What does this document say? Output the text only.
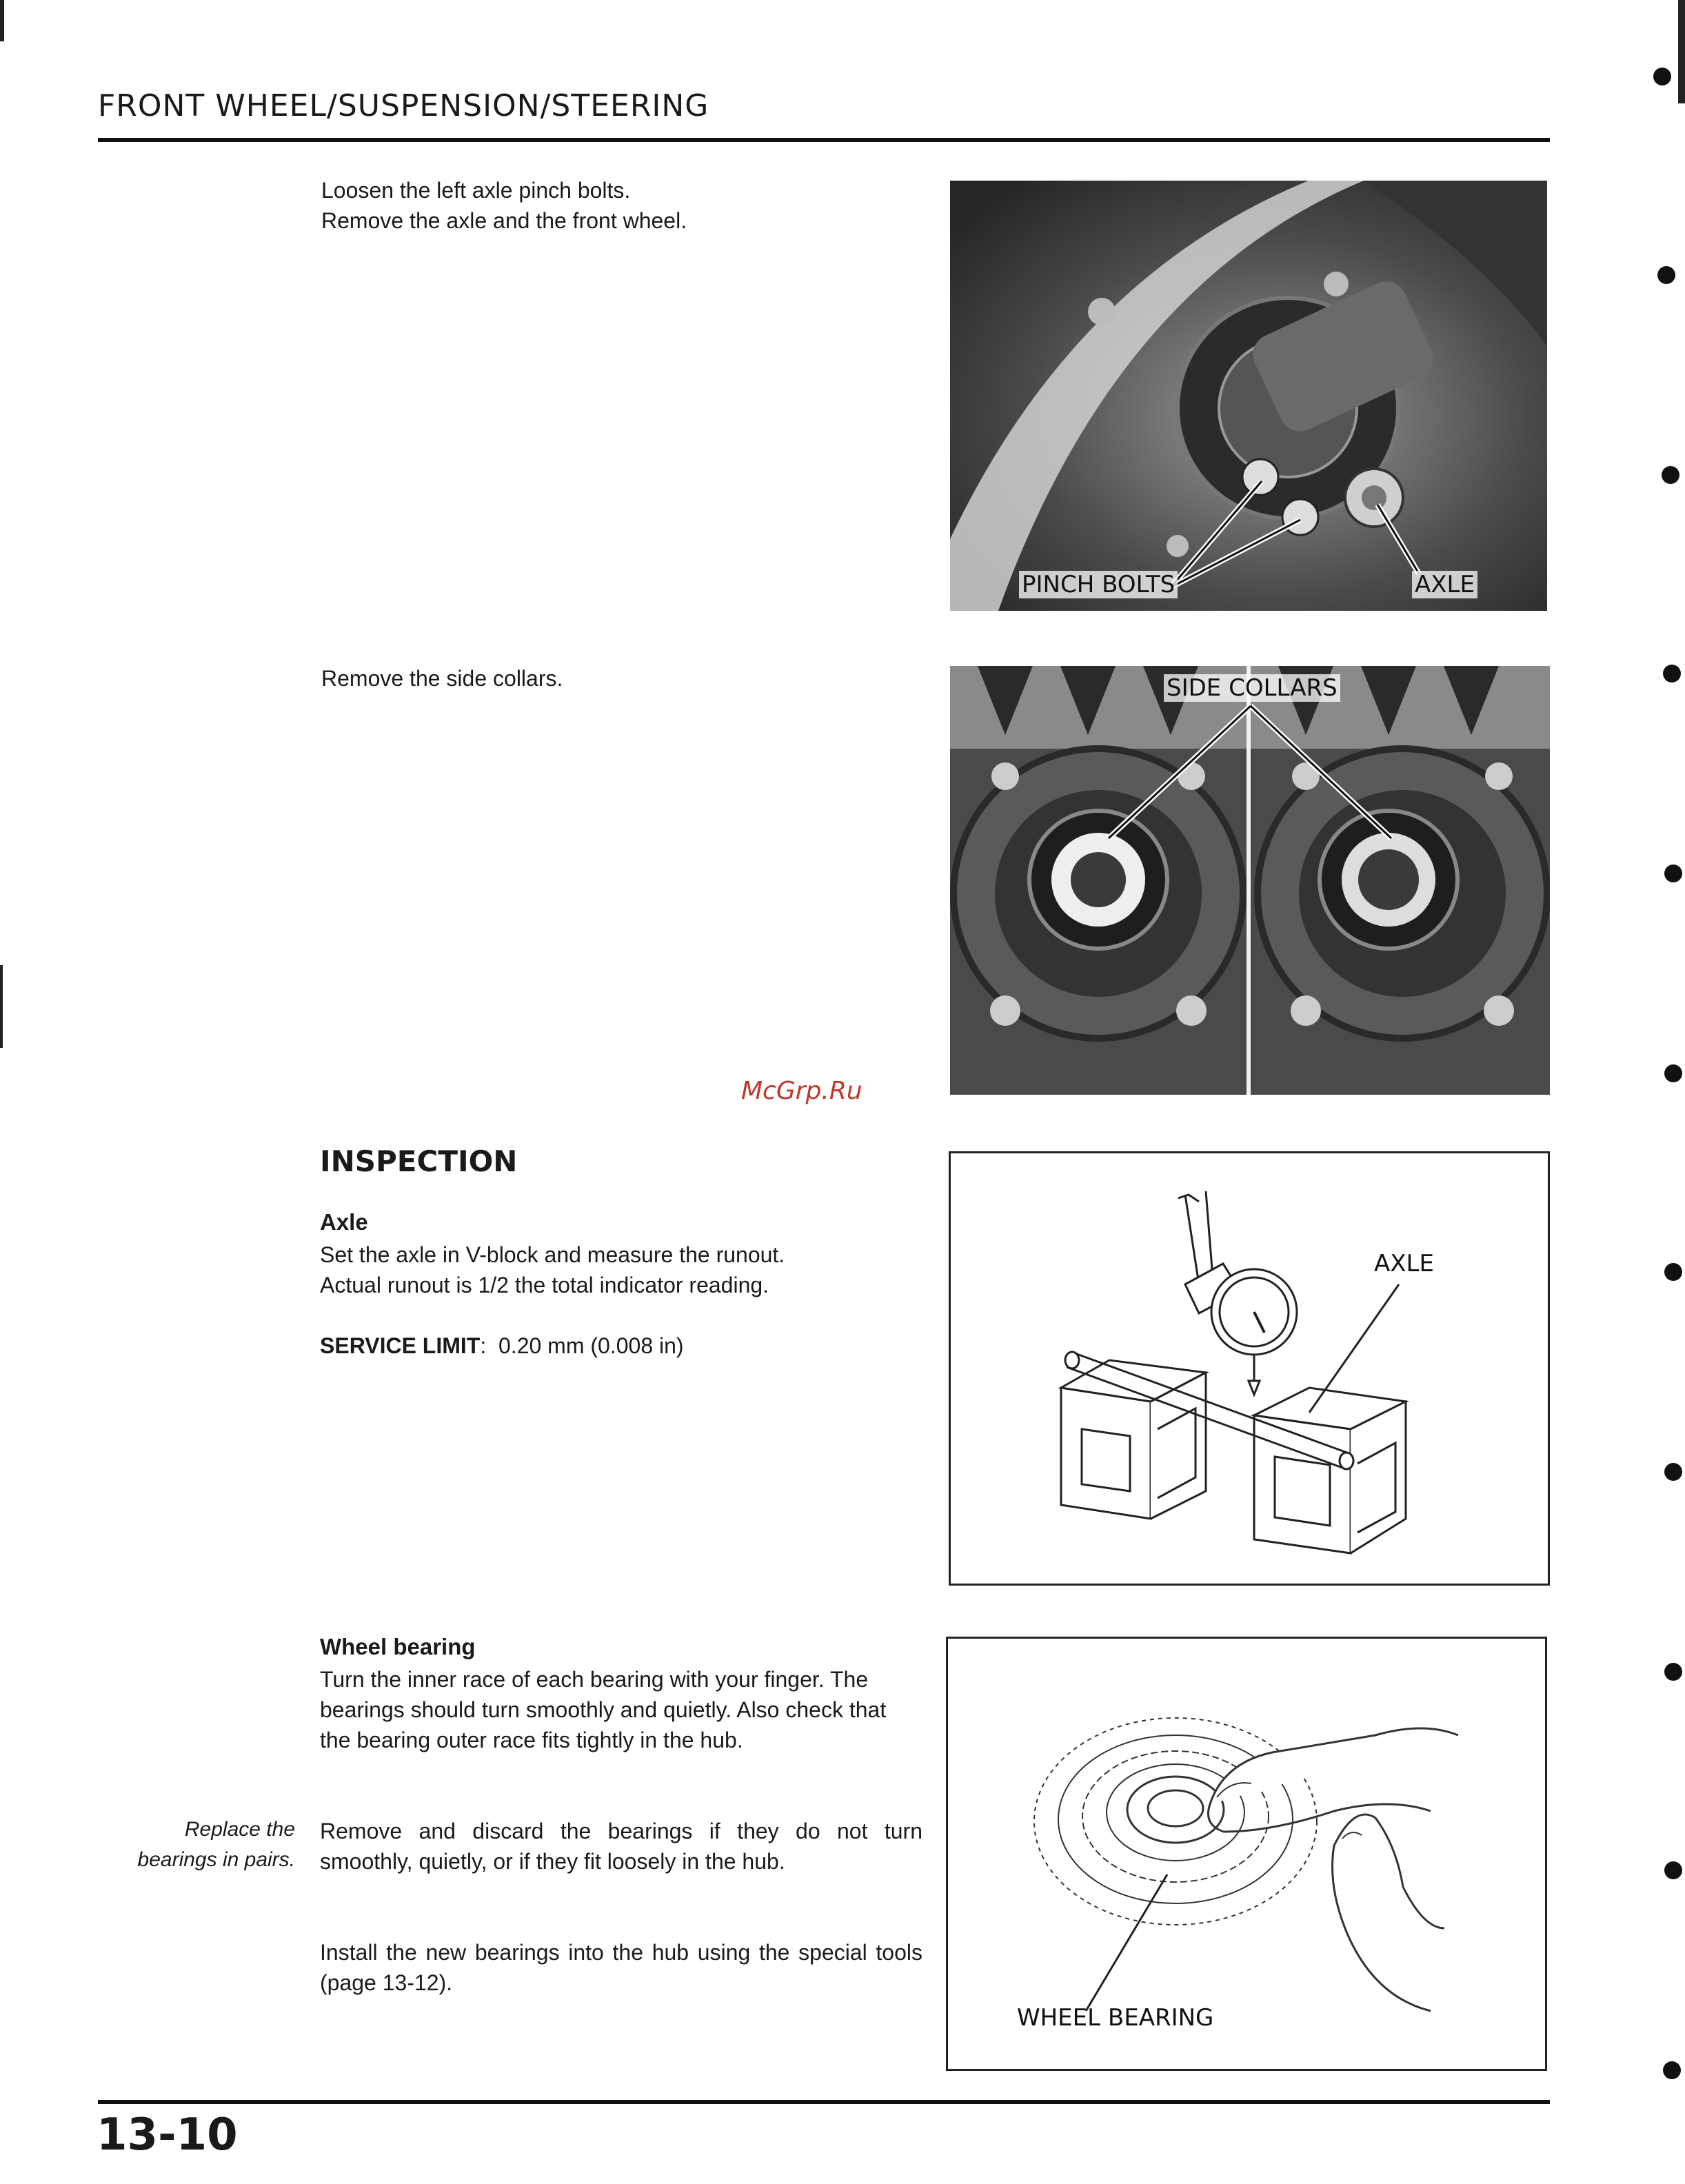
FRONT WHEEL/SUSPENSION/STEERING
Loosen the left axle pinch bolts.
Remove the axle and the front wheel.
PINCH BOLTS	AXLE
Remove the side collars.	SIDE COLLARS
McGrp.Ru
INSPECTION
Axle
Set the axle in V-block and measure the runout.
Actual runout is 1/2 the total indicator reading.
SERVICE LIMIT:  0.20 mm (0.008 in)
AXLE
Wheel bearing
Turn the inner race of each bearing with your finger. The bearings should turn smoothly and quietly. Also check that the bearing outer race fits tightly in the hub.
Replace the
bearings in pairs.
Remove and discard the bearings if they do not turn smoothly, quietly, or if they fit loosely in the hub.
Install the new bearings into the hub using the special tools (page 13-12).
WHEEL BEARING
13-10
